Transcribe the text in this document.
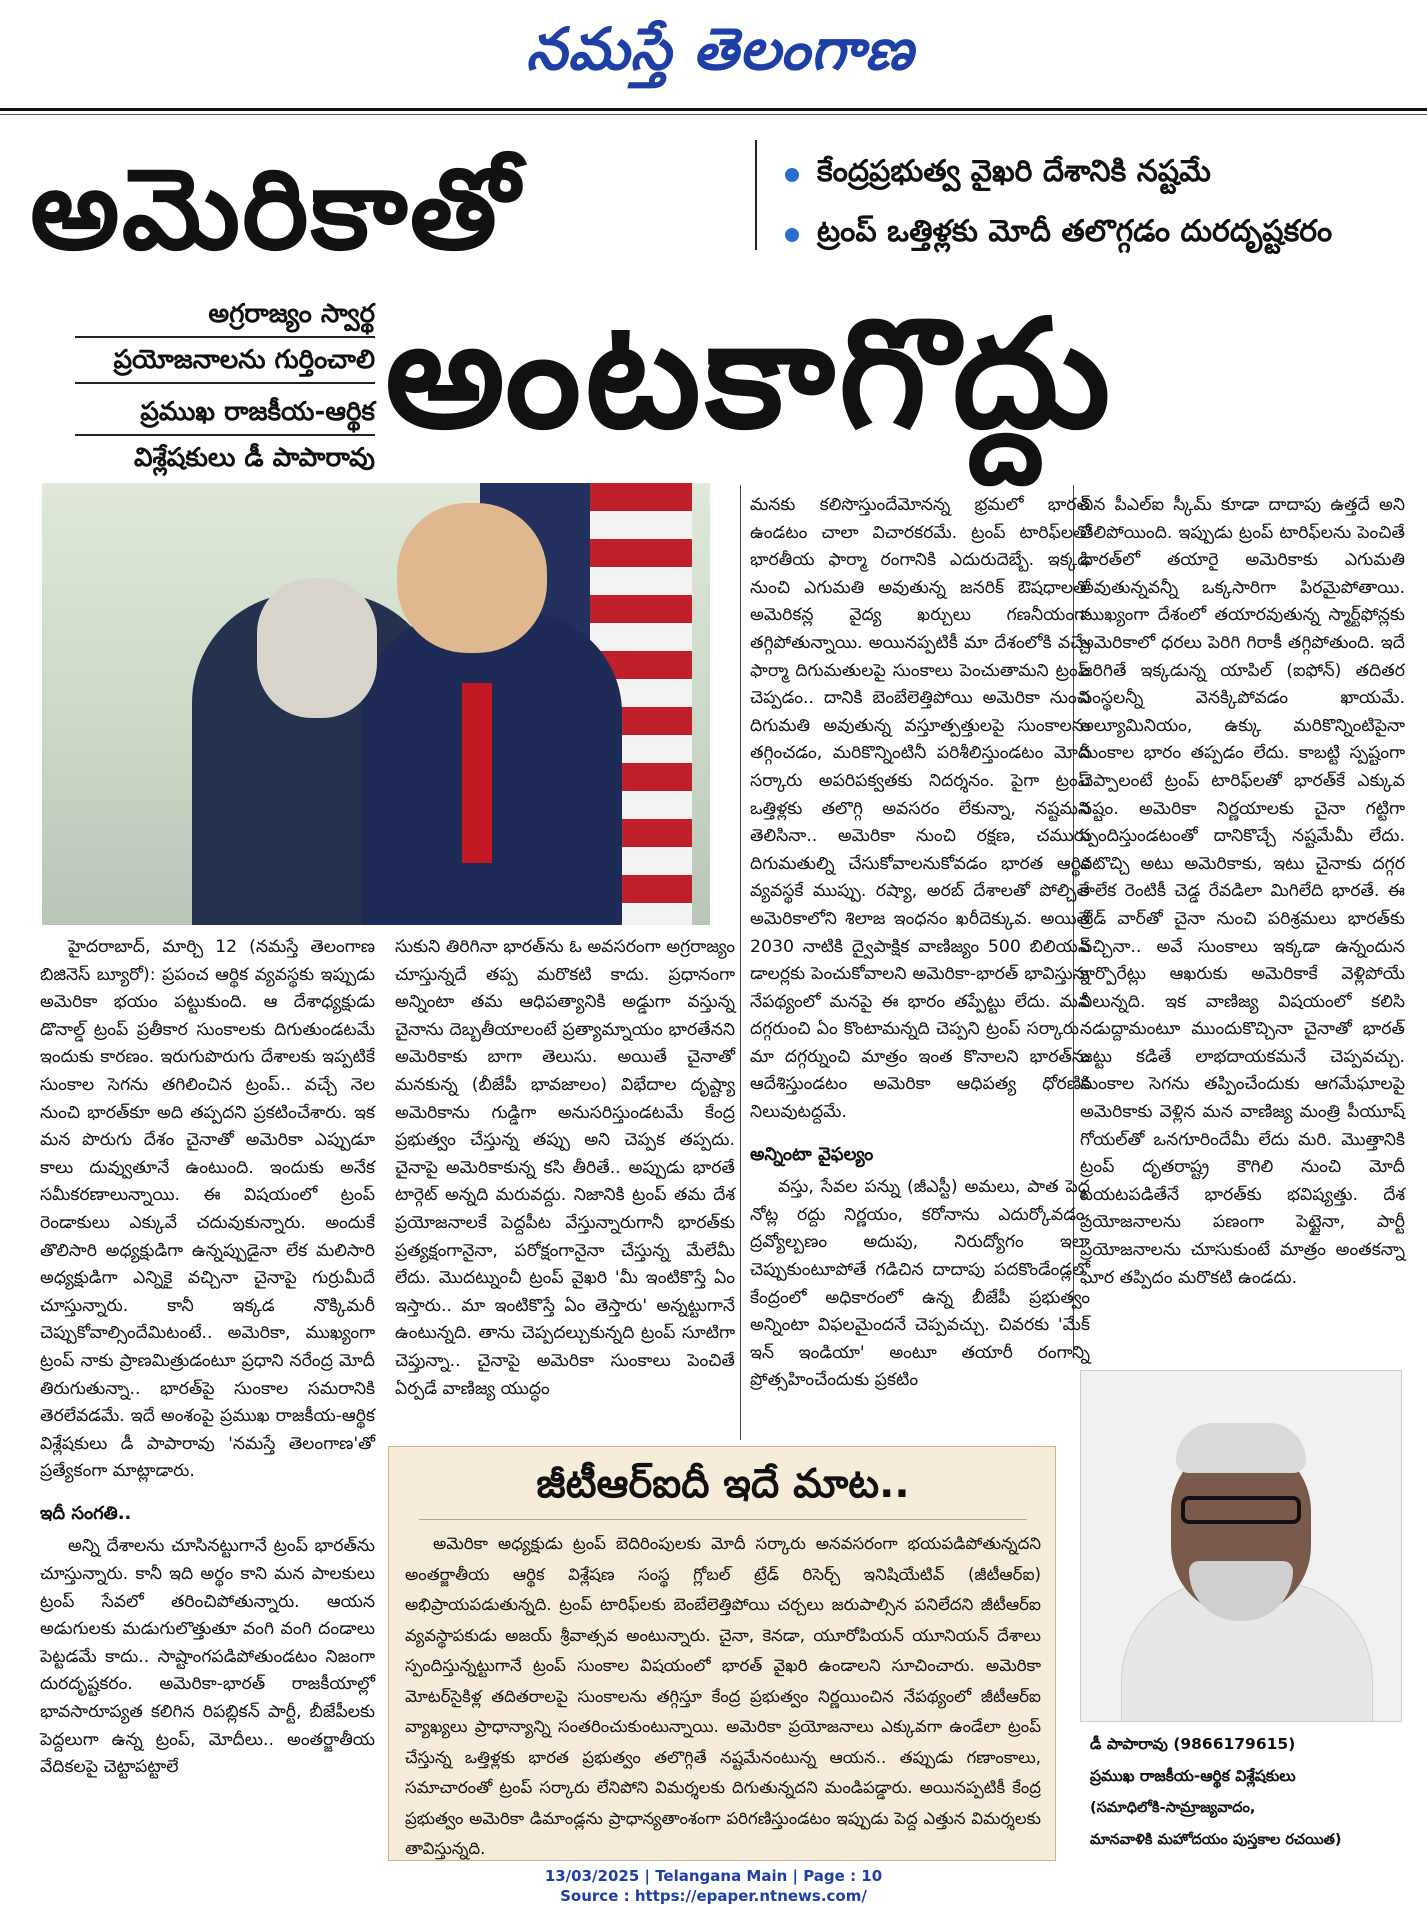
నమస్తే తెలంగాణ
అమెరికాతో	కేంద్రప్రభుత్వ వైఖరి దేశానికి నష్టమే
ట్రంప్ ఒత్తిళ్లకు మోదీ తలొగ్గడం దురదృష్టకరం
అగ్రరాజ్యం స్వార్థ
ప్రయోజనాలను గుర్తించాలి
ప్రముఖ రాజకీయ-ఆర్థిక
విశ్లేషకులు డీ పాపారావు అంటకాగొద్దు

హైదరాబాద్, మార్చి 12 (నమస్తే తెలంగాణ బిజినెస్ బ్యూరో): ప్రపంచ ఆర్థిక వ్యవస్థకు ఇప్పుడు అమెరికా భయం పట్టుకుంది. ఆ దేశాధ్యక్షుడు డొనాల్డ్ ట్రంప్ ప్రతీకార సుంకాలకు దిగుతుండటమే ఇందుకు కారణం. ఇరుగుపొరుగు దేశాలకు ఇప్పటికే సుంకాల సెగను తగిలించిన ట్రంప్.. వచ్చే నెల నుంచి భారత్‌కూ అది తప్పదని ప్రకటించేశారు. ఇక మన పొరుగు దేశం చైనాతో అమెరికా ఎప్పుడూ కాలు దువ్వుతూనే ఉంటుంది. ఇందుకు అనేక సమీకరణాలున్నాయి. ఈ విషయంలో ట్రంప్ రెండాకులు ఎక్కువే చదువుకున్నారు. అందుకే తొలిసారి అధ్యక్షుడిగా ఉన్నప్పుడైనా లేక మలిసారి అధ్యక్షుడిగా ఎన్నికై వచ్చినా చైనాపై గుర్రుమీదే చూస్తున్నారు. కానీ ఇక్కడ నొక్కిమరీ చెప్పుకోవాల్సిందేమిటంటే.. అమెరికా, ముఖ్యంగా ట్రంప్ నాకు ప్రాణమిత్రుడంటూ ప్రధాని నరేంద్ర మోదీ తిరుగుతున్నా.. భారత్‌పై సుంకాల సమరానికి తెరలేవడమే. ఇదే అంశంపై ప్రముఖ రాజకీయ-ఆర్థిక విశ్లేషకులు డీ పాపారావు 'నమస్తే తెలంగాణ'తో ప్రత్యేకంగా మాట్లాడారు.

ఇదీ సంగతి..

అన్ని దేశాలను చూసినట్టుగానే ట్రంప్ భారత్‌ను చూస్తున్నారు. కానీ ఇది అర్థం కాని మన పాలకులు ట్రంప్ సేవలో తరించిపోతున్నారు. ఆయన అడుగులకు మడుగులొత్తుతూ వంగి వంగి దండాలు పెట్టడమే కాదు.. సాష్టాంగపడిపోతుండటం నిజంగా దురదృష్టకరం. అమెరికా-భారత్ రాజకీయాల్లో భావసారూప్యత కలిగిన రిపబ్లికన్ పార్టీ, బీజేపీలకు పెద్దలుగా ఉన్న ట్రంప్, మోదీలు.. అంతర్జాతీయ వేదికలపై చెట్టాపట్టాలే

సుకుని తిరిగినా భారత్‌ను ఓ అవసరంగా అగ్రరాజ్యం చూస్తున్నదే తప్ప మరొకటి కాదు. ప్రధానంగా అన్నింటా తమ ఆధిపత్యానికి అడ్డుగా వస్తున్న చైనాను దెబ్బతీయాలంటే ప్రత్యామ్నాయం భారతేనని అమెరికాకు బాగా తెలుసు. అయితే చైనాతో మనకున్న (బీజేపీ భావజాలం) విభేదాల దృష్ట్యా అమెరికాను గుడ్డిగా అనుసరిస్తుండటమే కేంద్ర ప్రభుత్వం చేస్తున్న తప్పు అని చెప్పక తప్పదు. చైనాపై అమెరికాకున్న కసి తీరితే.. అప్పుడు భారతే టార్గెట్ అన్నది మరువద్దు. నిజానికి ట్రంప్ తమ దేశ ప్రయోజనాలకే పెద్దపీట వేస్తున్నారుగానీ భారత్‌కు ప్రత్యక్షంగానైనా, పరోక్షంగానైనా చేస్తున్న మేలేమీ లేదు. మొదట్నుంచీ ట్రంప్ వైఖరి 'మీ ఇంటికొస్తే ఏం ఇస్తారు.. మా ఇంటికొస్తే ఏం తెస్తారు' అన్నట్టుగానే ఉంటున్నది. తాను చెప్పదల్చుకున్నది ట్రంప్ సూటిగా చెప్తున్నా.. చైనాపై అమెరికా సుంకాలు పెంచితే ఏర్పడే వాణిజ్య యుద్ధం

మనకు కలిసొస్తుందేమోనన్న భ్రమలో భారత్ ఉండటం చాలా విచారకరమే. ట్రంప్ టారిఫ్‌లతో భారతీయ ఫార్మా రంగానికి ఎదురుదెబ్బే. ఇక్కడి నుంచి ఎగుమతి అవుతున్న జనరిక్ ఔషధాలతో అమెరికన్ల వైద్య ఖర్చులు గణనీయంగా తగ్గిపోతున్నాయి. అయినప్పటికీ మా దేశంలోకి వచ్చే ఫార్మా దిగుమతులపై సుంకాలు పెంచుతామని ట్రంప్ చెప్పడం.. దానికి బెంబేలెత్తిపోయి అమెరికా నుంచి దిగుమతి అవుతున్న వస్తూత్పత్తులపై సుంకాలను తగ్గించడం, మరికొన్నింటినీ పరిశీలిస్తుండటం మోదీ సర్కారు అపరిపక్వతకు నిదర్శనం. పైగా ట్రంప్ ఒత్తిళ్లకు తలొగ్గి అవసరం లేకున్నా, నష్టమని తెలిసినా.. అమెరికా నుంచి రక్షణ, చమురు దిగుమతుల్ని చేసుకోవాలనుకోవడం భారత ఆర్థిక వ్యవస్థకే ముప్పు. రష్యా, అరబ్ దేశాలతో పోల్చితే అమెరికాలోని శిలాజ ఇంధనం ఖరీదెక్కువ. అయితే 2030 నాటికి ద్వైపాక్షిక వాణిజ్యం 500 బిలియన్ డాలర్లకు పెంచుకోవాలని అమెరికా-భారత్ భావిస్తున్న నేపథ్యంలో మనపై ఈ భారం తప్పేట్టు లేదు. మన దగ్గరుంచి ఏం కొంటామన్నది చెప్పని ట్రంప్ సర్కారు.. మా దగ్గర్నుంచి మాత్రం ఇంత కొనాలని భారత్‌ను ఆదేశిస్తుండటం అమెరికా ఆధిపత్య ధోరణికి నిలువుటద్దమే.

అన్నింటా వైఫల్యం

వస్తు, సేవల పన్ను (జీఎస్టీ) అమలు, పాత పెద్ద నోట్ల రద్దు నిర్ణయం, కరోనాను ఎదుర్కోవడం, ద్రవ్యోల్బణం అదుపు, నిరుద్యోగం ఇలా చెప్పుకుంటూపోతే గడిచిన దాదాపు పదకొండేండ్లలో కేంద్రంలో అధికారంలో ఉన్న బీజేపీ ప్రభుత్వం అన్నింటా విఫలమైందనే చెప్పవచ్చు. చివరకు 'మేక్ ఇన్ ఇండియా' అంటూ తయారీ రంగాన్ని ప్రోత్సహించేందుకు ప్రకటిం

చిన పీఎల్ఐ స్కీమ్ కూడా దాదాపు ఉత్తదే అని తేలిపోయింది. ఇప్పుడు ట్రంప్ టారిఫ్‌లను పెంచితే భారత్‌లో తయారై అమెరికాకు ఎగుమతి అవుతున్నవన్నీ ఒక్కసారిగా పిరమైపోతాయి. ముఖ్యంగా దేశంలో తయారవుతున్న స్మార్ట్‌ఫోన్లకు అమెరికాలో ధరలు పెరిగి గిరాకీ తగ్గిపోతుంది. ఇదే జరిగితే ఇక్కడున్న యాపిల్ (ఐఫోన్) తదితర సంస్థలన్నీ వెనక్కిపోవడం ఖాయమే. అల్యూమినియం, ఉక్కు మరికొన్నింటిపైనా సుంకాల భారం తప్పడం లేదు. కాబట్టి స్పష్టంగా చెప్పాలంటే ట్రంప్ టారిఫ్‌లతో భారత్‌కే ఎక్కువ నష్టం. అమెరికా నిర్ణయాలకు చైనా గట్టిగా స్పందిస్తుండటంతో దానికొచ్చే నష్టమేమీ లేదు. ఎటొచ్చి అటు అమెరికాకు, ఇటు చైనాకు దగ్గర కాలేక రెంటికీ చెడ్డ రేవడిలా మిగిలేది భారతే. ఈ ట్రేడ్ వార్‌తో చైనా నుంచి పరిశ్రమలు భారత్‌కు వచ్చినా.. అవే సుంకాలు ఇక్కడా ఉన్నందున కార్పొరేట్లు ఆఖరుకు అమెరికాకే వెళ్లిపోయే వీలున్నది. ఇక వాణిజ్య విషయంలో కలిసి నడుద్దామంటూ ముందుకొచ్చినా చైనాతో భారత్ జట్టు కడితే లాభదాయకమనే చెప్పవచ్చు. సుంకాల సెగను తప్పించేందుకు ఆగమేఘాలపై అమెరికాకు వెళ్లిన మన వాణిజ్య మంత్రి పీయూష్ గోయల్‌తో ఒనగూరిందేమీ లేదు మరి. మొత్తానికి ట్రంప్ దృతరాష్ట్ర కౌగిలి నుంచి మోదీ బయటపడితేనే భారత్‌కు భవిష్యత్తు. దేశ ప్రయోజనాలను పణంగా పెట్టైనా, పార్టీ ప్రయోజనాలను చూసుకుంటే మాత్రం అంతకన్నా ఘోర తప్పిదం మరొకటి ఉండదు.

జీటీఆర్‌ఐదీ ఇదే మాట..

అమెరికా అధ్యక్షుడు ట్రంప్ బెదిరింపులకు మోదీ సర్కారు అనవసరంగా భయపడిపోతున్నదని అంతర్జాతీయ ఆర్థిక విశ్లేషణ సంస్థ గ్లోబల్ ట్రేడ్ రిసెర్చ్ ఇనిషియేటివ్ (జీటీఆర్‌ఐ) అభిప్రాయపడుతున్నది. ట్రంప్ టారిఫ్‌లకు బెంబేలెత్తిపోయి చర్చలు జరుపాల్సిన పనిలేదని జీటీఆర్‌ఐ వ్యవస్థాపకుడు అజయ్ శ్రీవాత్సవ అంటున్నారు. చైనా, కెనడా, యూరోపియన్ యూనియన్ దేశాలు స్పందిస్తున్నట్టుగానే ట్రంప్ సుంకాల విషయంలో భారత్ వైఖరి ఉండాలని సూచించారు. అమెరికా మోటర్‌సైకిళ్ల తదితరాలపై సుంకాలను తగ్గిస్తూ కేంద్ర ప్రభుత్వం నిర్ణయించిన నేపథ్యంలో జీటీఆర్‌ఐ వ్యాఖ్యలు ప్రాధాన్యాన్ని సంతరించుకుంటున్నాయి. అమెరికా ప్రయోజనాలు ఎక్కువగా ఉండేలా ట్రంప్ చేస్తున్న ఒత్తిళ్లకు భారత ప్రభుత్వం తలొగ్గితే నష్టమేనంటున్న ఆయన.. తప్పుడు గణాంకాలు, సమాచారంతో ట్రంప్ సర్కారు లేనిపోని విమర్శలకు దిగుతున్నదని మండిపడ్డారు. అయినప్పటికీ కేంద్ర ప్రభుత్వం అమెరికా డిమాండ్లను ప్రాధాన్యతాంశంగా పరిగణిస్తుండటం ఇప్పుడు పెద్ద ఎత్తున విమర్శలకు తావిస్తున్నది.

డీ పాపారావు (9866179615)
ప్రముఖ రాజకీయ-ఆర్థిక విశ్లేషకులు
(సమాధిలోకి-సామ్రాజ్యవాదం,
మానవాళికి మహోదయం పుస్తకాల రచయిత)
13/03/2025 | Telangana Main | Page : 10
Source : https://epaper.ntnews.com/
